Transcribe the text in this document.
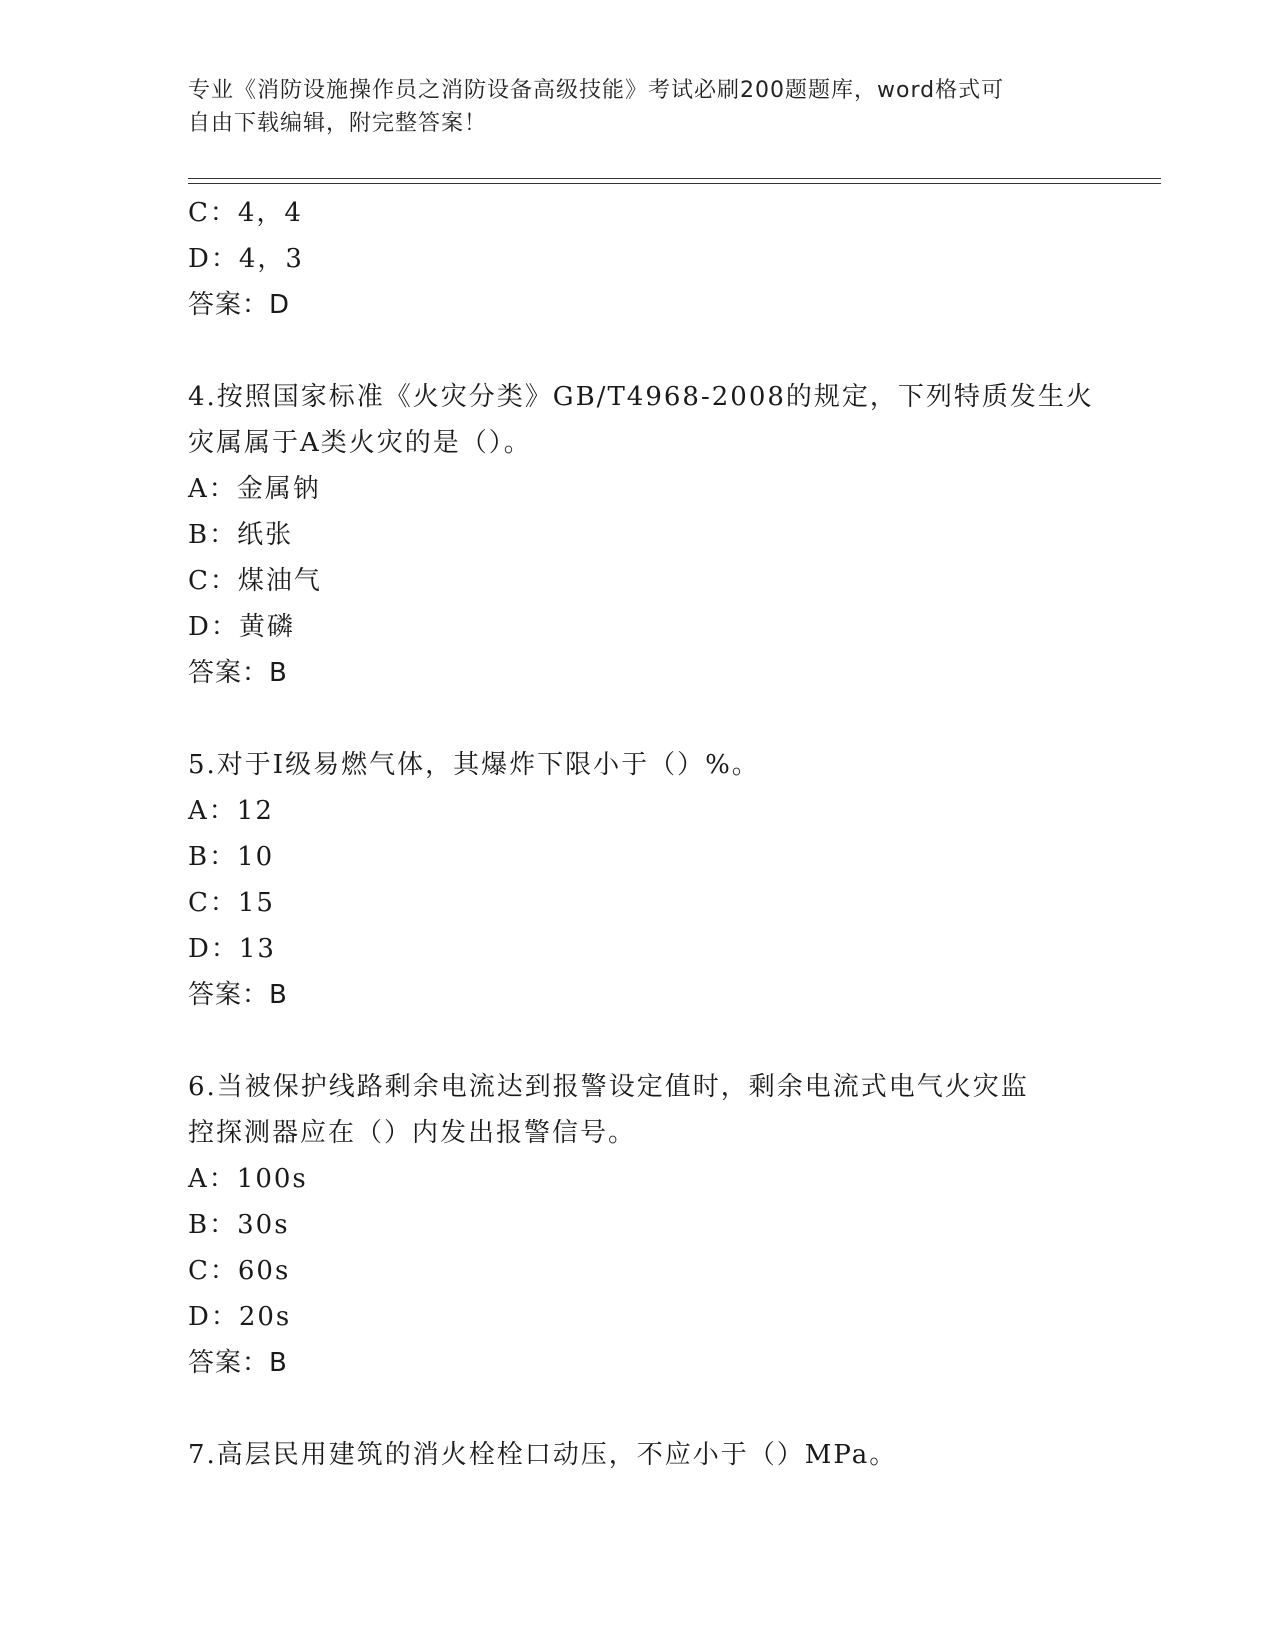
专业《消防设施操作员之消防设备高级技能》考试必刷200题题库，word格式可
自由下载编辑，附完整答案！
C：4，4
D：4，3
答案：D
4.按照国家标准《火灾分类》GB/T4968-2008的规定，下列特质发生火
灾属属于A类火灾的是（）。
A：金属钠
B：纸张
C：煤油气
D：黄磷
答案：B
5.对于Ⅰ级易燃气体，其爆炸下限小于（）%。
A：12
B：10
C：15
D：13
答案：B
6.当被保护线路剩余电流达到报警设定值时，剩余电流式电气火灾监
控探测器应在（）内发出报警信号。
A：100s
B：30s
C：60s
D：20s
答案：B
7.高层民用建筑的消火栓栓口动压，不应小于（）MPa。
